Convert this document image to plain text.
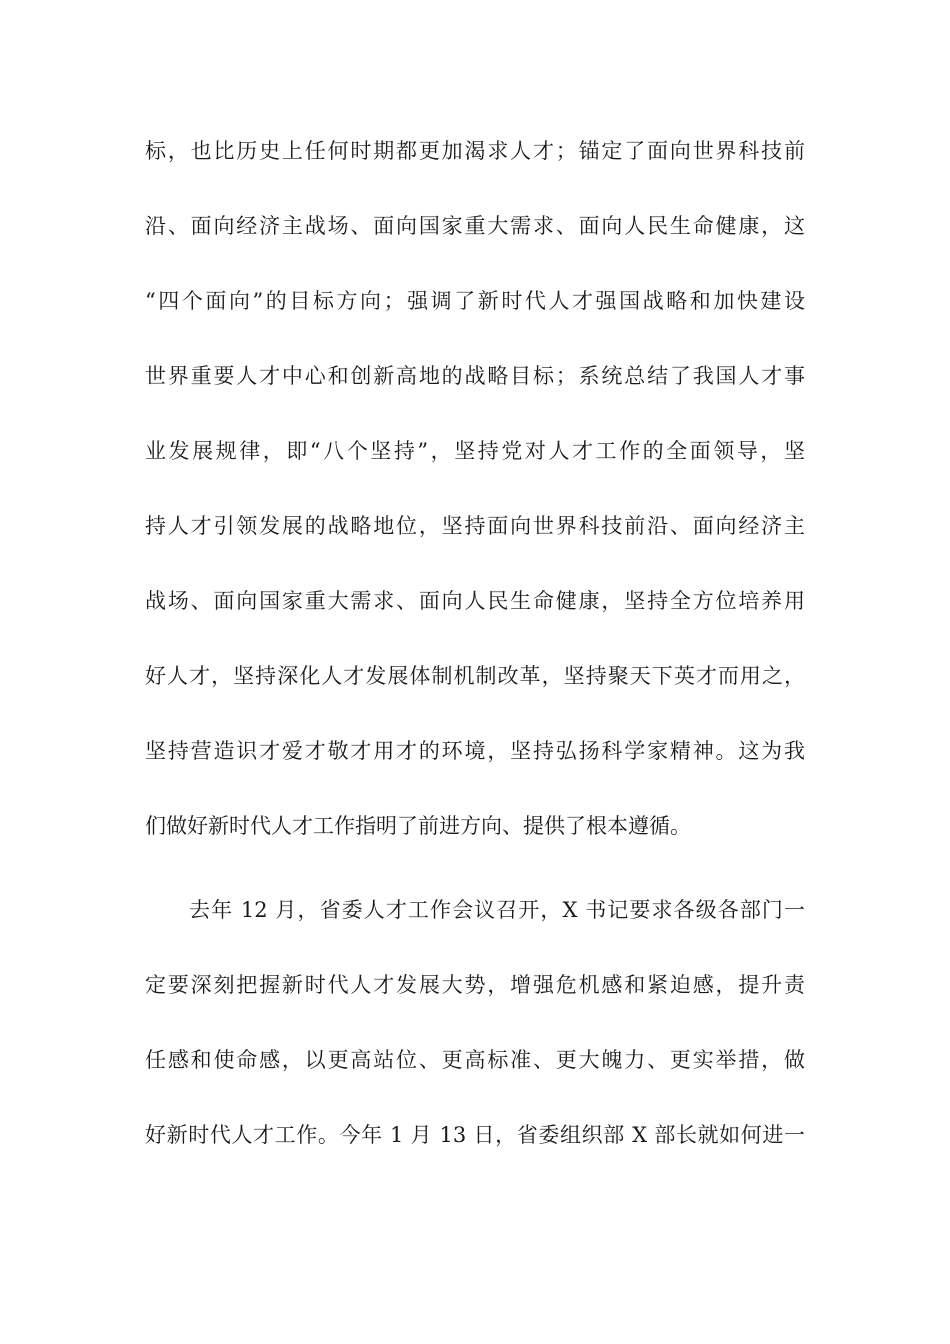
标，也比历史上任何时期都更加渴求人才；锚定了面向世界科技前
沿、面向经济主战场、面向国家重大需求、面向人民生命健康，这
“四个面向”的目标方向；强调了新时代人才强国战略和加快建设
世界重要人才中心和创新高地的战略目标；系统总结了我国人才事
业发展规律，即“八个坚持”，坚持党对人才工作的全面领导，坚
持人才引领发展的战略地位，坚持面向世界科技前沿、面向经济主
战场、面向国家重大需求、面向人民生命健康，坚持全方位培养用
好人才，坚持深化人才发展体制机制改革，坚持聚天下英才而用之，
坚持营造识才爱才敬才用才的环境，坚持弘扬科学家精神。这为我
们做好新时代人才工作指明了前进方向、提供了根本遵循。
去年 12 月，省委人才工作会议召开，X 书记要求各级各部门一
定要深刻把握新时代人才发展大势，增强危机感和紧迫感，提升责
任感和使命感，以更高站位、更高标准、更大魄力、更实举措，做
好新时代人才工作。今年 1 月 13 日，省委组织部 X 部长就如何进一
